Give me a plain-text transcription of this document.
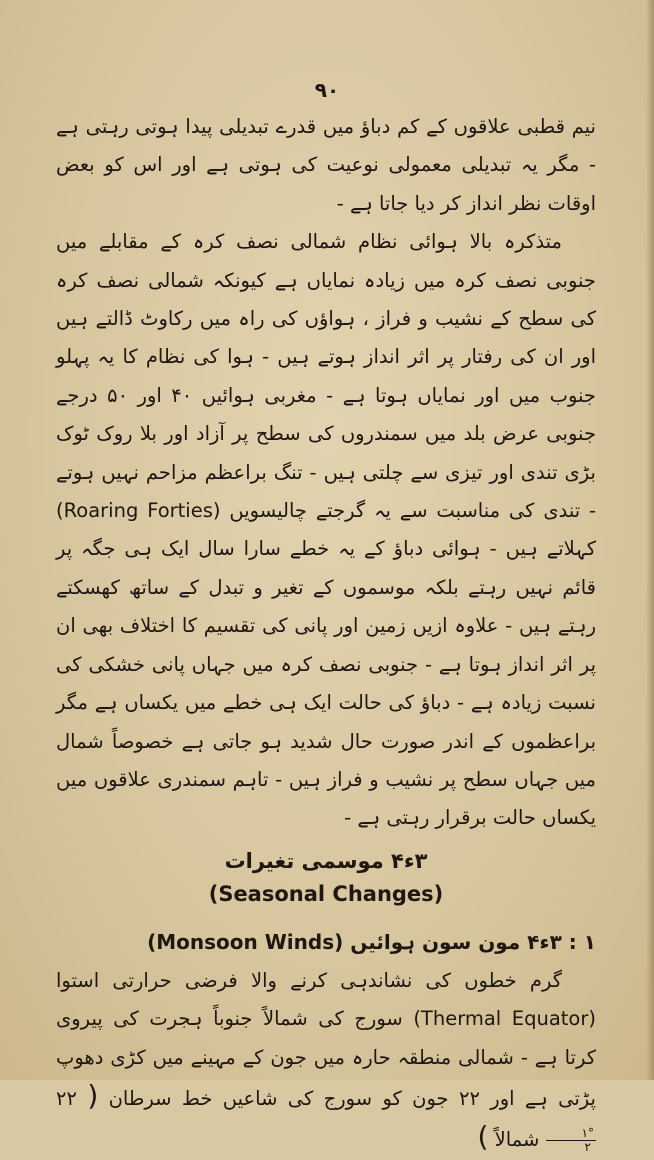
۹۰

نیم قطبی علاقوں کے کم دباؤ میں قدرے تبدیلی پیدا ہوتی رہتی ہے - مگر یہ تبدیلی معمولی نوعیت کی ہوتی ہے اور اس کو بعض اوقات نظر انداز کر دیا جاتا ہے -

متذکرہ بالا ہوائی نظام شمالی نصف کرہ کے مقابلے میں جنوبی نصف کرہ میں زیادہ نمایاں ہے کیونکہ شمالی نصف کرہ کی سطح کے نشیب و فراز ، ہواؤں کی راہ میں رکاوٹ ڈالتے ہیں اور ان کی رفتار پر اثر انداز ہوتے ہیں - ہوا کی نظام کا یہ پہلو جنوب میں اور نمایاں ہوتا ہے - مغربی ہوائیں ۴۰ اور ۵۰ درجے جنوبی عرض بلد میں سمندروں کی سطح پر آزاد اور بلا روک ٹوک بڑی تندی اور تیزی سے چلتی ہیں - تنگ براعظم مزاحم نہیں ہوتے - تندی کی مناسبت سے یہ گرجتے چالیسویں (Roaring Forties) کہلاتے ہیں - ہوائی دباؤ کے یہ خطے سارا سال ایک ہی جگہ پر قائم نہیں رہتے بلکہ موسموں کے تغیر و تبدل کے ساتھ کھسکتے رہتے ہیں - علاوہ ازیں زمین اور پانی کی تقسیم کا اختلاف بھی ان پر اثر انداز ہوتا ہے - جنوبی نصف کرہ میں جہاں پانی خشکی کی نسبت زیادہ ہے - دباؤ کی حالت ایک ہی خطے میں یکساں ہے مگر براعظموں کے اندر صورت حال شدید ہو جاتی ہے خصوصاً شمال میں جہاں سطح پر نشیب و فراز ہیں - تاہم سمندری علاقوں میں یکساں حالت برقرار رہتی ہے -

۳ء۴ موسمی تغیرات
(Seasonal Changes)
۱ : ۳ء۴ مون سون ہوائیں (Monsoon Winds)

گرم خطوں کی نشاندہی کرنے والا فرضی حرارتی استوا (Thermal Equator) سورج کی شمالاً جنوباً ہجرت کی پیروی کرتا ہے - شمالی منطقہ حارہ میں جون کے مہینے میں کڑی دھوپ پڑتی ہے اور ۲۲ جون کو سورج کی شاعیں خط سرطان ( ۲۲
$\frac{۱^\circ}{۲}$
شمالاً )
